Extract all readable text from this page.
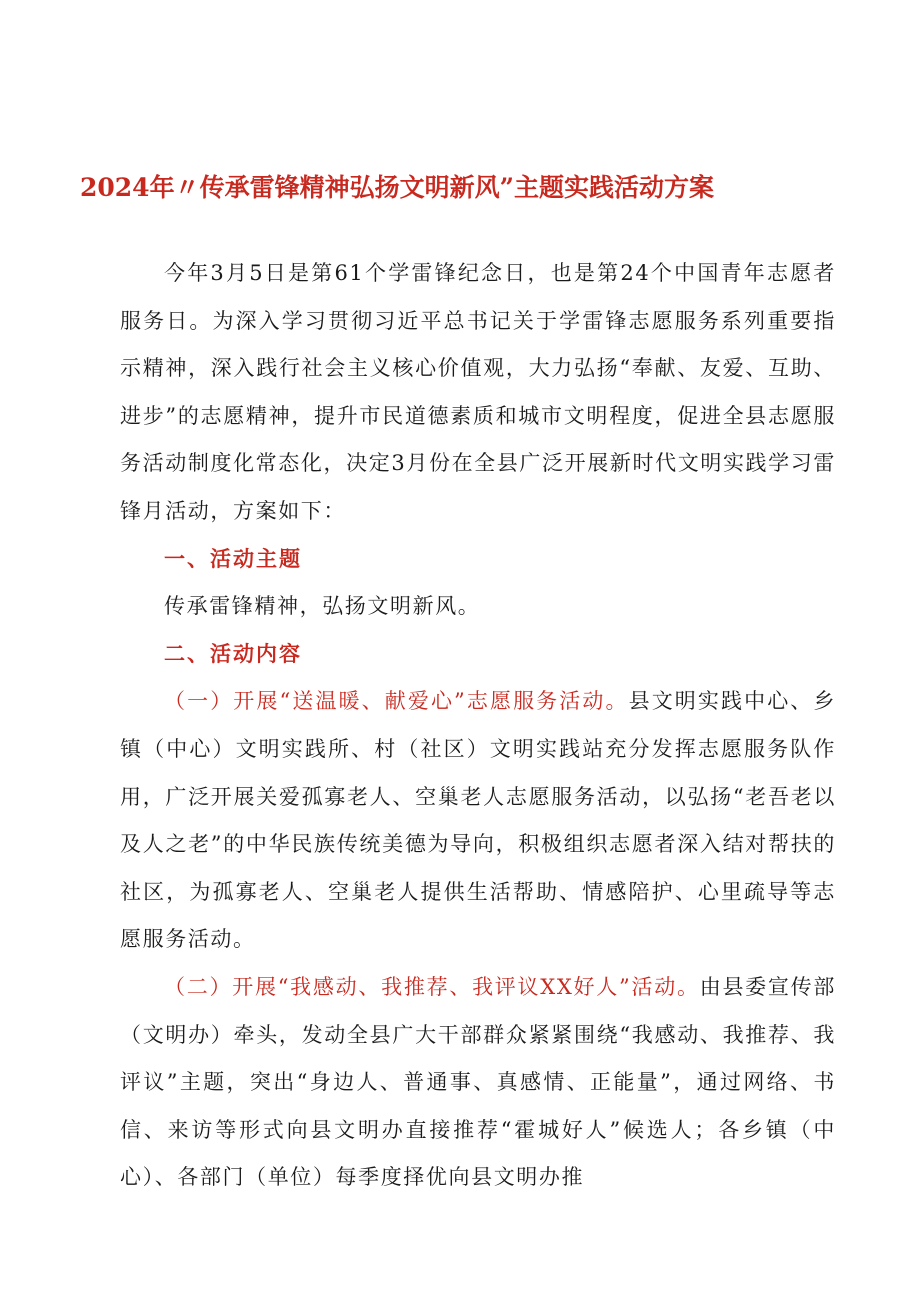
2024年〃传承雷锋精神弘扬文明新风”主题实践活动方案

今年3月5日是第61个学雷锋纪念日，也是第24个中国青年志愿者服务日。为深入学习贯彻习近平总书记关于学雷锋志愿服务系列重要指示精神，深入践行社会主义核心价值观，大力弘扬“奉献、友爱、互助、进步”的志愿精神，提升市民道德素质和城市文明程度，促进全县志愿服务活动制度化常态化，决定3月份在全县广泛开展新时代文明实践学习雷锋月活动，方案如下：

一、活动主题

传承雷锋精神，弘扬文明新风。

二、活动内容

（一）开展“送温暖、献爱心”志愿服务活动。县文明实践中心、乡镇（中心）文明实践所、村（社区）文明实践站充分发挥志愿服务队作用，广泛开展关爱孤寡老人、空巢老人志愿服务活动，以弘扬“老吾老以及人之老”的中华民族传统美德为导向，积极组织志愿者深入结对帮扶的社区，为孤寡老人、空巢老人提供生活帮助、情感陪护、心里疏导等志愿服务活动。

（二）开展“我感动、我推荐、我评议XX好人”活动。由县委宣传部（文明办）牵头，发动全县广大干部群众紧紧围绕“我感动、我推荐、我评议”主题，突出“身边人、普通事、真感情、正能量”，通过网络、书信、来访等形式向县文明办直接推荐“霍城好人”候选人；各乡镇（中心）、各部门（单位）每季度择优向县文明办推
